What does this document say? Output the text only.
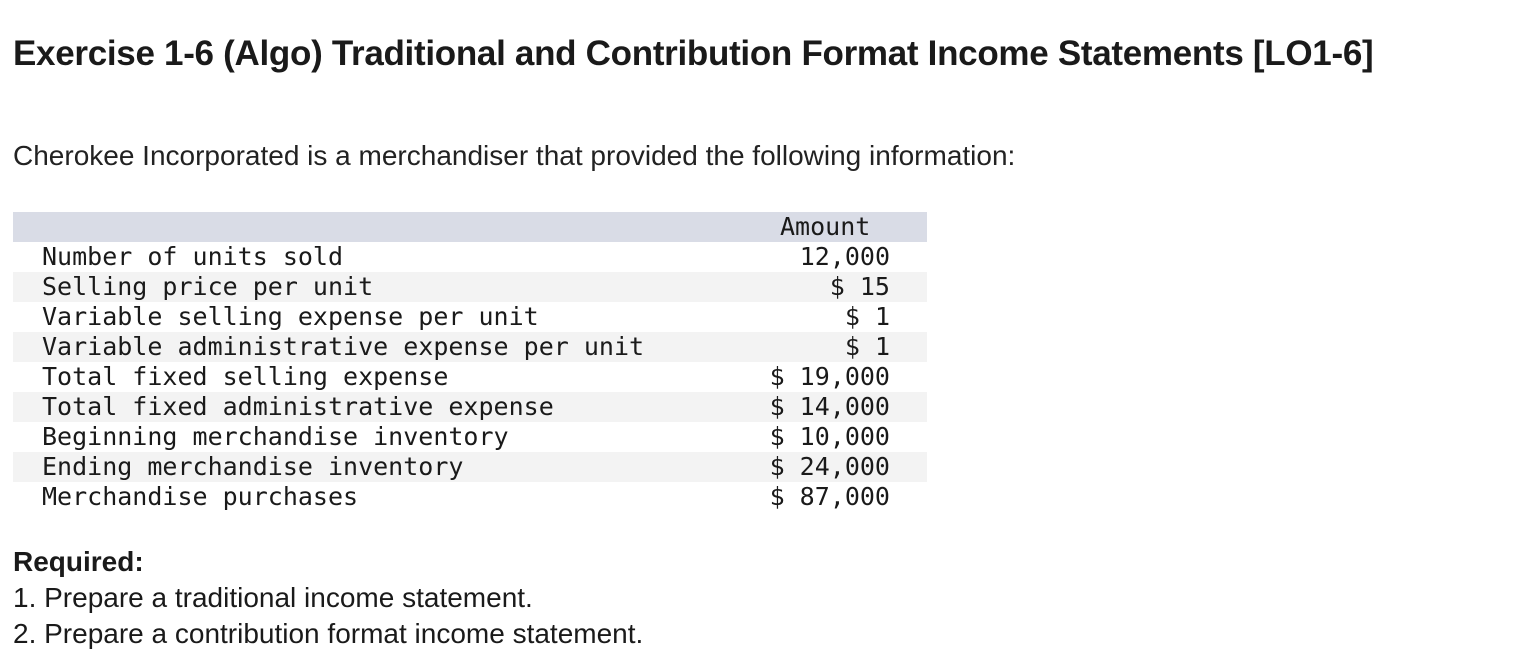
Exercise 1-6 (Algo) Traditional and Contribution Format Income Statements [LO1-6]

Cherokee Incorporated is a merchandiser that provided the following information:

Amount
Number of units sold	12,000
Selling price per unit	$ 15
Variable selling expense per unit	$ 1
Variable administrative expense per unit	$ 1
Total fixed selling expense	$ 19,000
Total fixed administrative expense	$ 14,000
Beginning merchandise inventory	$ 10,000
Ending merchandise inventory	$ 24,000
Merchandise purchases	$ 87,000
Required:
1. Prepare a traditional income statement.
2. Prepare a contribution format income statement.
